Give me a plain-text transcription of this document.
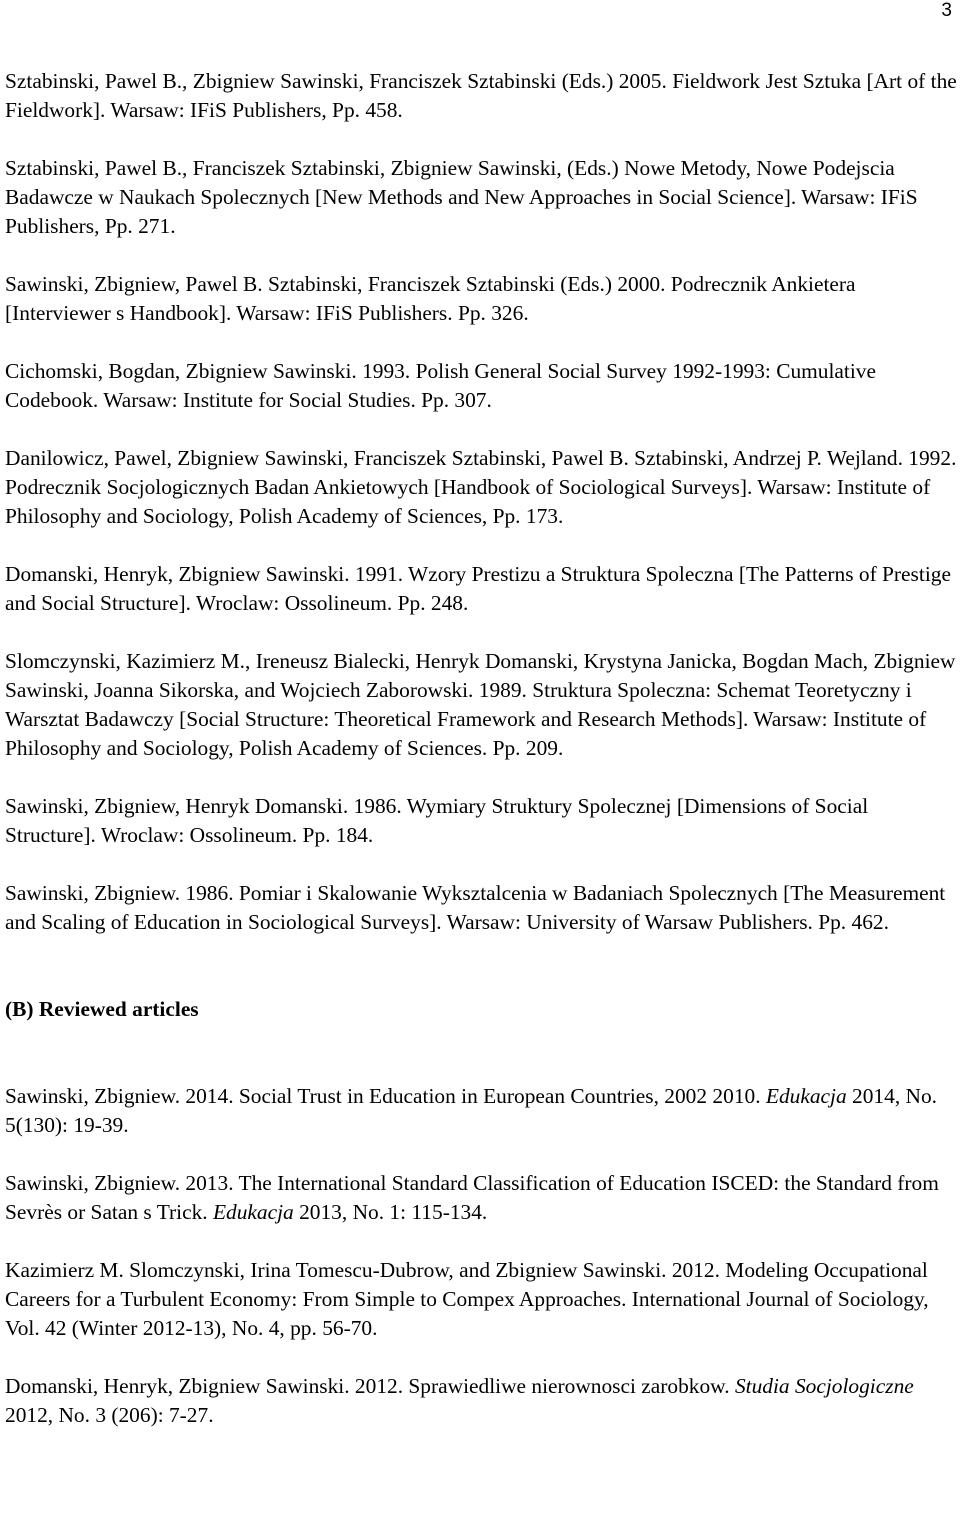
3

Sztabinski, Pawel B., Zbigniew Sawinski, Franciszek Sztabinski (Eds.) 2005. Fieldwork Jest Sztuka [Art of the Fieldwork]. Warsaw: IFiS Publishers, Pp. 458.

Sztabinski, Pawel B., Franciszek Sztabinski, Zbigniew Sawinski, (Eds.) Nowe Metody, Nowe Podejscia Badawcze w Naukach Spolecznych [New Methods and New Approaches in Social Science]. Warsaw: IFiS Publishers, Pp. 271.

Sawinski, Zbigniew, Pawel B. Sztabinski, Franciszek Sztabinski (Eds.) 2000. Podrecznik Ankietera [Interviewer s Handbook]. Warsaw: IFiS Publishers. Pp. 326.

Cichomski, Bogdan, Zbigniew Sawinski. 1993. Polish General Social Survey 1992-1993: Cumulative Codebook. Warsaw: Institute for Social Studies. Pp. 307.

Danilowicz, Pawel, Zbigniew Sawinski, Franciszek Sztabinski, Pawel B. Sztabinski, Andrzej P. Wejland. 1992. Podrecznik Socjologicznych Badan Ankietowych [Handbook of Sociological Surveys]. Warsaw: Institute of Philosophy and Sociology, Polish Academy of Sciences, Pp. 173.

Domanski, Henryk, Zbigniew Sawinski. 1991. Wzory Prestizu a Struktura Spoleczna [The Patterns of Prestige and Social Structure]. Wroclaw: Ossolineum. Pp. 248.

Slomczynski, Kazimierz M., Ireneusz Bialecki, Henryk Domanski, Krystyna Janicka, Bogdan Mach, Zbigniew Sawinski, Joanna Sikorska, and Wojciech Zaborowski. 1989. Struktura Spoleczna: Schemat Teoretyczny i Warsztat Badawczy [Social Structure: Theoretical Framework and Research Methods]. Warsaw: Institute of Philosophy and Sociology, Polish Academy of Sciences. Pp. 209.

Sawinski, Zbigniew, Henryk Domanski. 1986. Wymiary Struktury Spolecznej [Dimensions of Social Structure]. Wroclaw: Ossolineum. Pp. 184.

Sawinski, Zbigniew. 1986. Pomiar i Skalowanie Wyksztalcenia w Badaniach Spolecznych [The Measurement and Scaling of Education in Sociological Surveys]. Warsaw: University of Warsaw Publishers. Pp. 462.

(B) Reviewed articles

Sawinski, Zbigniew. 2014. Social Trust in Education in European Countries, 2002 2010. Edukacja 2014, No. 5(130): 19-39.

Sawinski, Zbigniew. 2013. The International Standard Classification of Education ISCED: the Standard from Sevrès or Satan s Trick. Edukacja 2013, No. 1: 115-134.

Kazimierz M. Slomczynski, Irina Tomescu-Dubrow, and Zbigniew Sawinski. 2012. Modeling Occupational Careers for a Turbulent Economy: From Simple to Compex Approaches. International Journal of Sociology, Vol. 42 (Winter 2012-13), No. 4, pp. 56-70.

Domanski, Henryk, Zbigniew Sawinski. 2012. Sprawiedliwe nierownosci zarobkow. Studia Socjologiczne 2012, No. 3 (206): 7-27.
